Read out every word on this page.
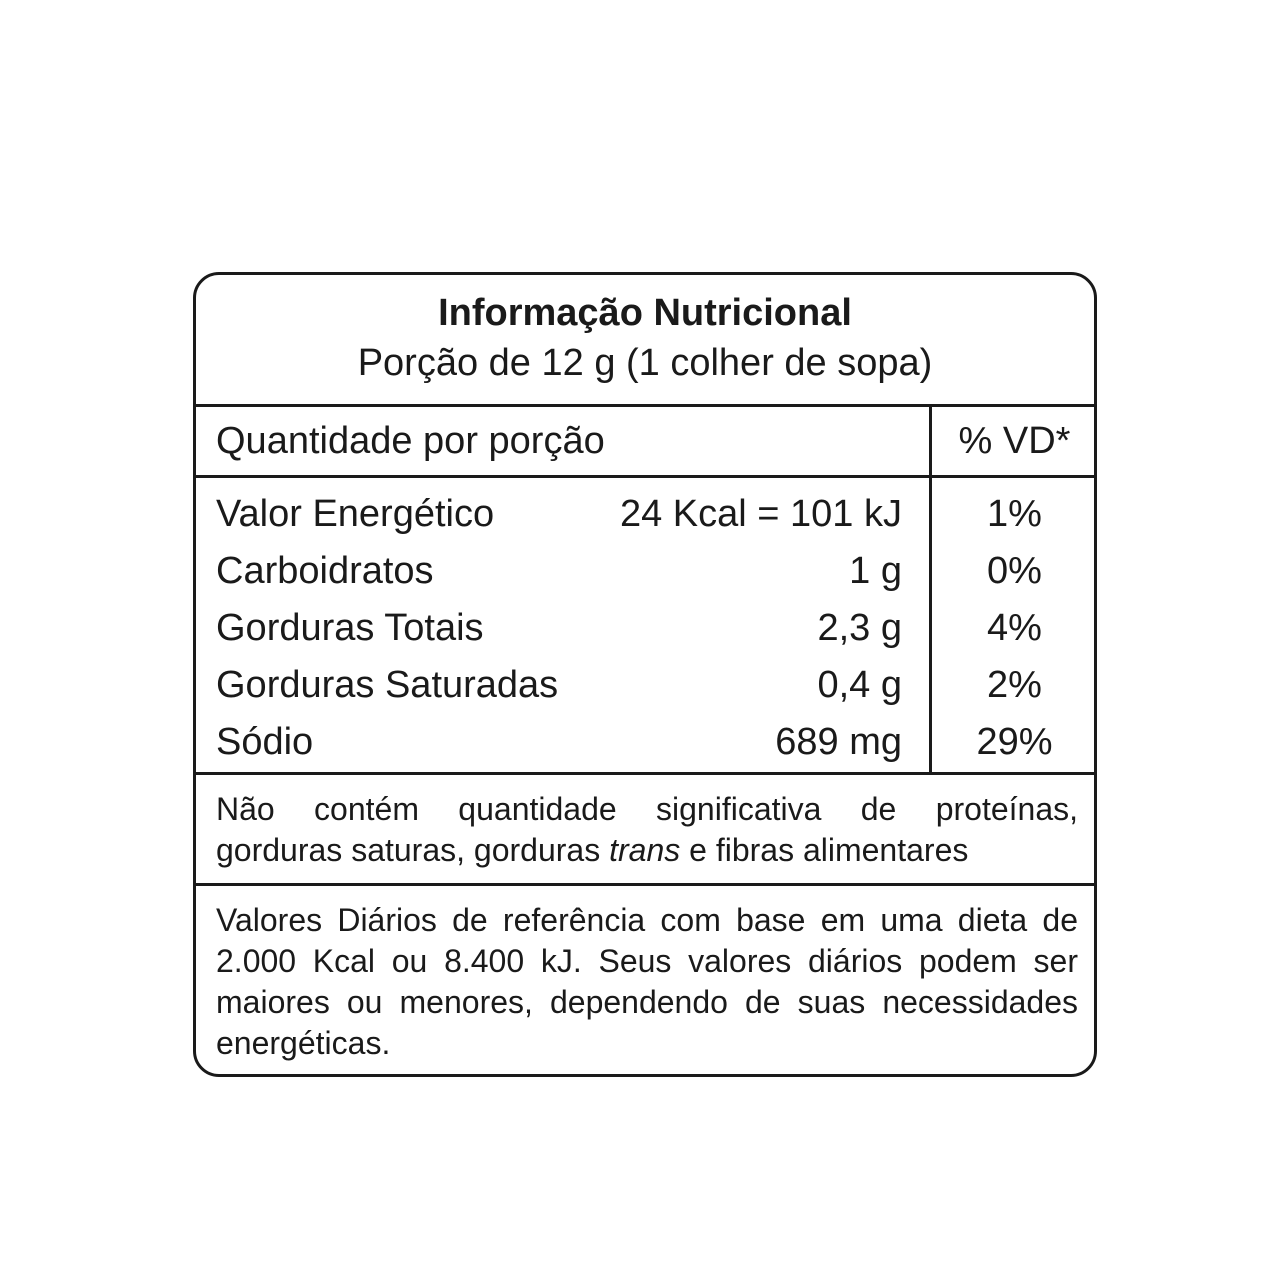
Informação Nutricional
Porção de 12 g (1 colher de sopa)
Quantidade por porção	% VD*
Valor Energético	24 Kcal = 101 kJ	1%
Carboidratos	1 g	0%
Gorduras Totais	2,3 g	4%
Gorduras Saturadas	0,4 g	2%
Sódio	689 mg	29%
Não contém quantidade significativa de proteínas,
gorduras saturas, gorduras trans e fibras alimentares
Valores Diários de referência com base em uma dieta de 2.000 Kcal ou 8.400 kJ. Seus valores diários podem ser maiores ou menores, dependendo de suas necessidades energéticas.
